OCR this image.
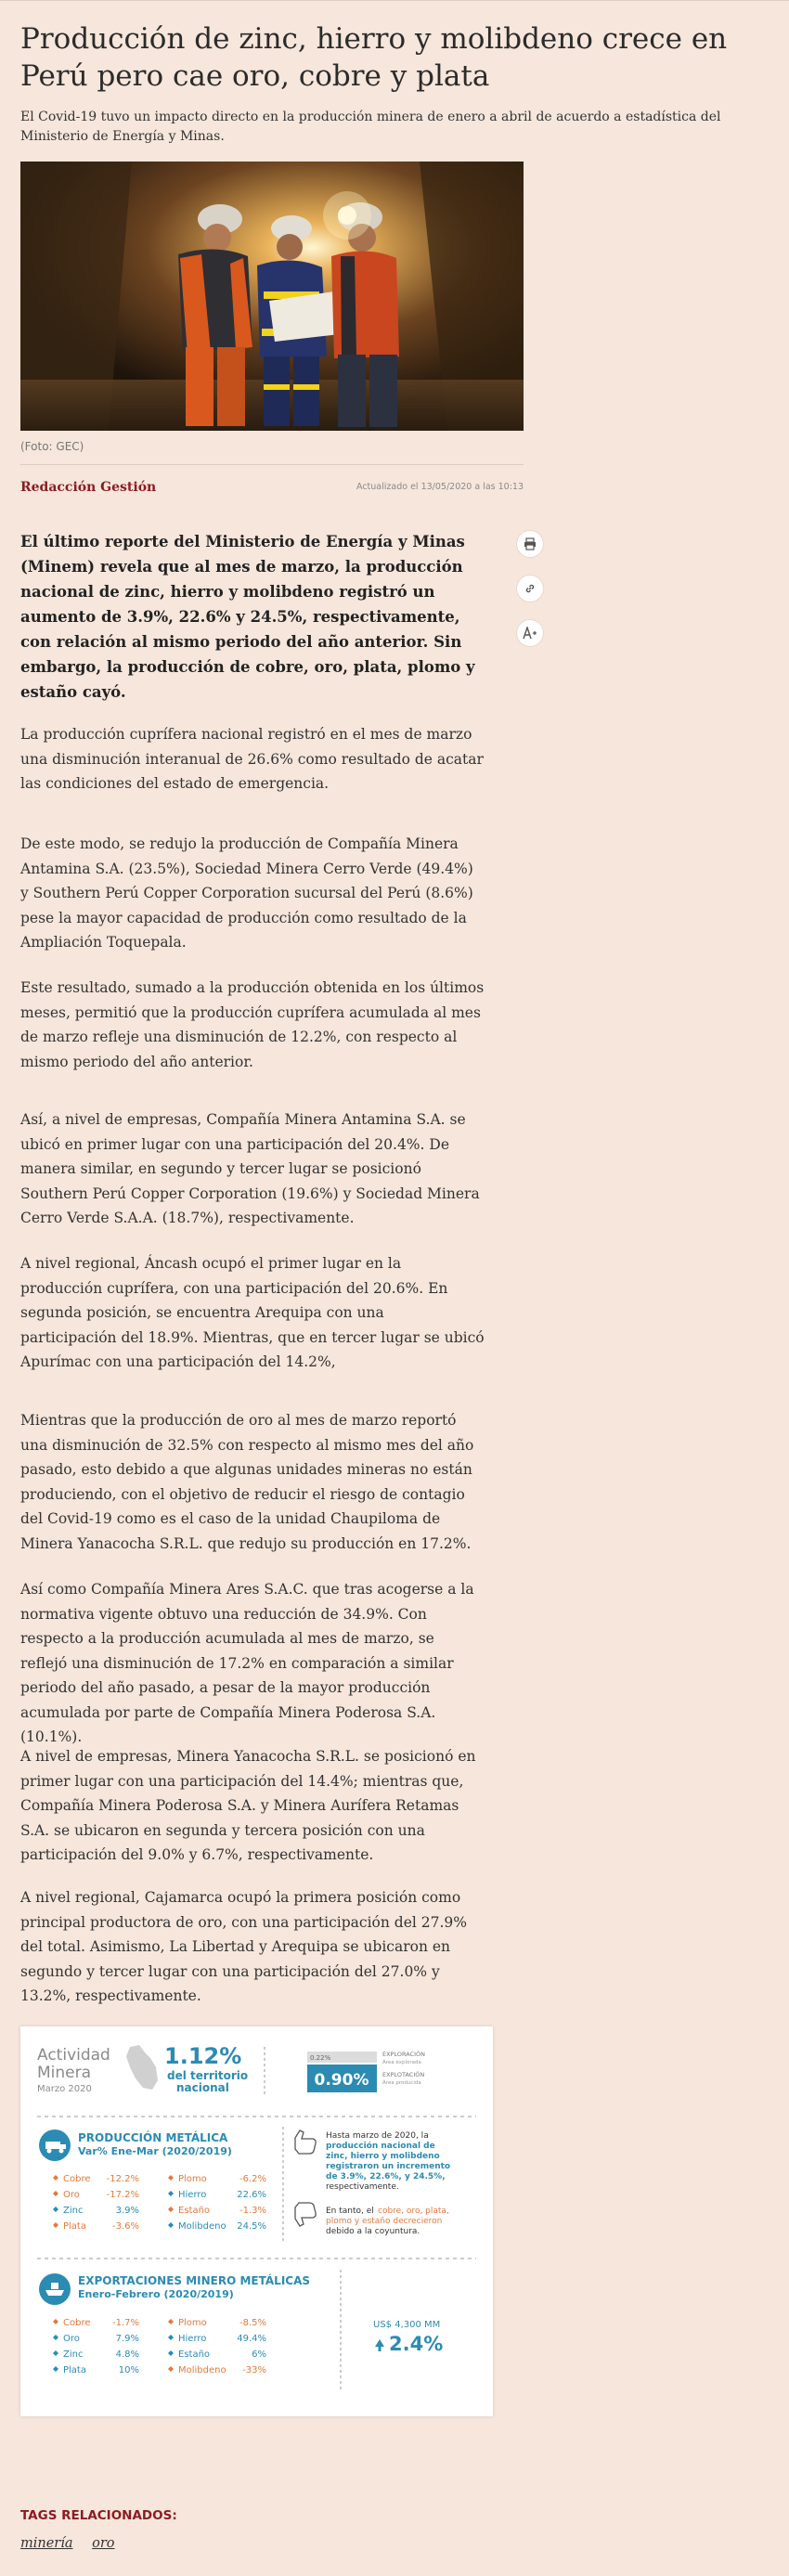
Producción de zinc, hierro y molibdeno crece en Perú pero cae oro, cobre y plata

El Covid-19 tuvo un impacto directo en la producción minera de enero a abril de acuerdo a estadística del Ministerio de Energía y Minas.

(Foto: GEC)
Redacción Gestión	Actualizado el 13/05/2020 a las 10:13

El último reporte del Ministerio de Energía y Minas (Minem) revela que al mes de marzo, la producción nacional de zinc, hierro y molibdeno registró un aumento de 3.9%, 22.6% y 24.5%, respectivamente, con relación al mismo periodo del año anterior. Sin embargo, la producción de cobre, oro, plata, plomo y estaño cayó.

La producción cuprífera nacional registró en el mes de marzo una disminución interanual de 26.6% como resultado de acatar las condiciones del estado de emergencia.

De este modo, se redujo la producción de Compañía Minera Antamina S.A. (23.5%), Sociedad Minera Cerro Verde (49.4%) y Southern Perú Copper Corporation sucursal del Perú (8.6%) pese la mayor capacidad de producción como resultado de la Ampliación Toquepala.

Este resultado, sumado a la producción obtenida en los últimos meses, permitió que la producción cuprífera acumulada al mes de marzo refleje una disminución de 12.2%, con respecto al mismo periodo del año anterior.

Así, a nivel de empresas, Compañía Minera Antamina S.A. se ubicó en primer lugar con una participación del 20.4%. De manera similar, en segundo y tercer lugar se posicionó Southern Perú Copper Corporation (19.6%) y Sociedad Minera Cerro Verde S.A.A. (18.7%), respectivamente.

A nivel regional, Áncash ocupó el primer lugar en la producción cuprífera, con una participación del 20.6%. En segunda posición, se encuentra Arequipa con una participación del 18.9%. Mientras, que en tercer lugar se ubicó Apurímac con una participación del 14.2%,

Mientras que la producción de oro al mes de marzo reportó una disminución de 32.5% con respecto al mismo mes del año pasado, esto debido a que algunas unidades mineras no están produciendo, con el objetivo de reducir el riesgo de contagio del Covid-19 como es el caso de la unidad Chaupiloma de Minera Yanacocha S.R.L. que redujo su producción en 17.2%.

Así como Compañía Minera Ares S.A.C. que tras acogerse a la normativa vigente obtuvo una reducción de 34.9%. Con respecto a la producción acumulada al mes de marzo, se reflejó una disminución de 17.2% en comparación a similar periodo del año pasado, a pesar de la mayor producción acumulada por parte de Compañía Minera Poderosa S.A. (10.1%).

A nivel de empresas, Minera Yanacocha S.R.L. se posicionó en primer lugar con una participación del 14.4%; mientras que, Compañía Minera Poderosa S.A. y Minera Aurífera Retamas S.A. se ubicaron en segunda y tercera posición con una participación del 9.0% y 6.7%, respectivamente.

A nivel regional, Cajamarca ocupó la primera posición como principal productora de oro, con una participación del 27.9% del total. Asimismo, La Libertad y Arequipa se ubicaron en segundo y tercer lugar con una participación del 27.0% y 13.2%, respectivamente.

Actividad
Minera
Marzo 2020
1.12%
del territorio
nacional
0.22%	EXPLORACIÓN
Área explorada
0.90% EXPLOTACIÓN
Área producida
PRODUCCIÓN METÁLICA
Var% Ene-Mar (2020/2019)
Cobre -12.2%
Oro	-17.2%
Zinc	3.9%
Plata	-3.6%
Plomo	-6.2%
Hierro	22.6%
Estaño	-1.3%
Molibdeno 24.5%
Hasta marzo de 2020, la
producción nacional de
zinc, hierro y molibdeno
registraron un incremento
de 3.9%, 22.6%, y 24.5%,
respectivamente.
En tanto, el cobre, oro, plata,
plomo y estaño decrecieron
debido a la coyuntura.
EXPORTACIONES MINERO METÁLICAS
Enero-Febrero (2020/2019)
Cobre -1.7%
Oro	7.9%
Zinc	4.8%
Plata	10%
Plomo	-8.5%
Hierro	49.4%
Estaño	6%
Molibdeno -33%
US$ 4,300 MM
2.4%
TAGS RELACIONADOS:
minería oro
